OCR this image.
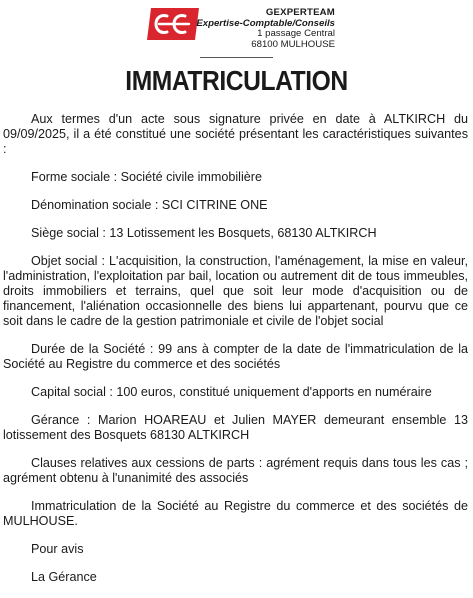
GEXPERTEAM
Expertise-Comptable/Conseils
1 passage Central
68100 MULHOUSE
IMMATRICULATION

Aux termes d'un acte sous signature privée en date à ALTKIRCH du 09/09/2025, il a été constitué une société présentant les caractéristiques suivantes :

Forme sociale : Société civile immobilière

Dénomination sociale : SCI CITRINE ONE

Siège social : 13 Lotissement les Bosquets, 68130 ALTKIRCH

Objet social : L'acquisition, la construction, l'aménagement, la mise en valeur, l'administration, l'exploitation par bail, location ou autrement dit de tous immeubles, droits immobiliers et terrains, quel que soit leur mode d'acquisition ou de financement, l'aliénation occasionnelle des biens lui appartenant, pourvu que ce soit dans le cadre de la gestion patrimoniale et civile de l'objet social

Durée de la Société : 99 ans à compter de la date de l'immatriculation de la Société au Registre du commerce et des sociétés

Capital social : 100 euros, constitué uniquement d'apports en numéraire

Gérance : Marion HOAREAU et Julien MAYER demeurant ensemble 13 lotissement des Bosquets 68130 ALTKIRCH

Clauses relatives aux cessions de parts : agrément requis dans tous les cas ; agrément obtenu à l'unanimité des associés

Immatriculation de la Société au Registre du commerce et des sociétés de MULHOUSE.

Pour avis

La Gérance
